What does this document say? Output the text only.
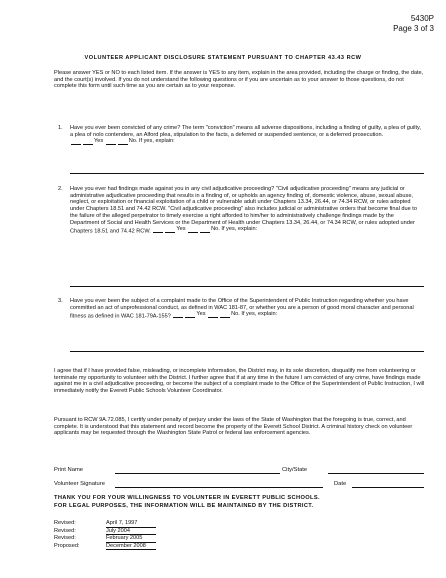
5430P
Page 3 of 3
VOLUNTEER APPLICANT DISCLOSURE STATEMENT PURSUANT TO CHAPTER 43.43 RCW
Please answer YES or NO to each listed item. If the answer is YES to any item, explain in the area provided, including the charge or finding, the date, and the court(s) involved. If you do not understand the following questions or if you are uncertain as to your answer to those questions, do not complete this form until such time as you are certain as to your response.
1. Have you ever been convicted of any crime? The term "conviction" means all adverse dispositions, including a finding of guilty, a plea of guilty, a plea of nolo contendere, an Alford plea, stipulation to the facts, a deferred or suspended sentence, or a deferred prosecution.
Yes
	No.
If yes, explain:
2. Have you ever had findings made against you in any civil adjudicative proceeding? "Civil adjudicative proceeding" means any judicial or administrative adjudicative proceeding that results in a finding of, or upholds an agency finding of, domestic violence, abuse, sexual abuse, neglect, or exploitation or financial exploitation of a child or vulnerable adult under Chapters 13.34, 26.44, or 74.34 RCW, or rules adopted under Chapters 18.51 and 74.42 RCW. "Civil adjudicative proceeding" also includes judicial or administrative orders that become final due to the failure of the alleged perpetrator to timely exercise a right afforded to him/her to administratively challenge findings made by the Department of Social and Health Services or the Department of Health under Chapters 13.34, 26.44, or 74.34 RCW, or rules adopted under Chapters 18.51 and 74.42 RCW.	Yes
	No.
If yes, explain:
3. Have you ever been the subject of a complaint made to the Office of the Superintendent of Public Instruction regarding whether you have committed an act of unprofessional conduct, as defined in WAC 181-87, or whether you are a person of good moral character and personal fitness as defined in WAC 181-79A-155?	Yes
	No.
If yes, explain:
I agree that if I have provided false, misleading, or incomplete information, the District may, in its sole discretion, disqualify me from volunteering or terminate my opportunity to volunteer with the District. I further agree that if at any time in the future I am convicted of any crime, have findings made against me in a civil adjudicative proceeding, or become the subject of a complaint made to the Office of the Superintendent of Public Instruction, I will immediately notify the Everett Public Schools Volunteer Coordinator.
Pursuant to RCW 9A.72.085, I certify under penalty of perjury under the laws of the State of Washington that the foregoing is true, correct, and complete. It is understood that this statement and record become the property of the Everett School District. A criminal history check on volunteer applicants may be requested through the Washington State Patrol or federal law enforcement agencies.
Print Name	City/State
Volunteer Signature	Date
THANK YOU FOR YOUR WILLINGNESS TO VOLUNTEER IN EVERETT PUBLIC SCHOOLS.
FOR LEGAL PURPOSES, THE INFORMATION WILL BE MAINTAINED BY THE DISTRICT.
Revised:	April 7, 1997
Revised:	July 2004
Revised:	February 2005
Proposed:	December 2008
